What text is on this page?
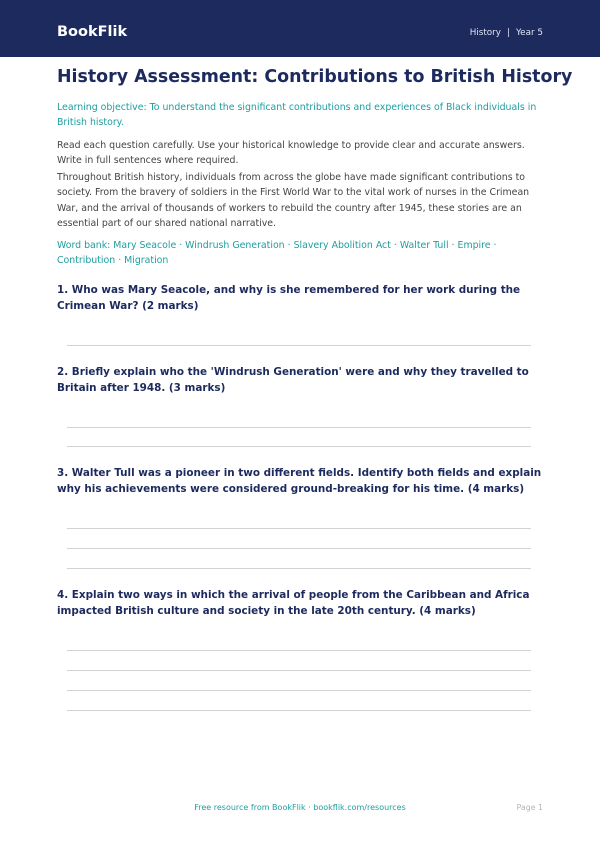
BookFlik	History | Year 5
History Assessment: Contributions to British History

Learning objective: To understand the significant contributions and experiences of Black individuals in British history.

Read each question carefully. Use your historical knowledge to provide clear and accurate answers. Write in full sentences where required.

Throughout British history, individuals from across the globe have made significant contributions to society. From the bravery of soldiers in the First World War to the vital work of nurses in the Crimean War, and the arrival of thousands of workers to rebuild the country after 1945, these stories are an essential part of our shared national narrative.

Word bank: Mary Seacole · Windrush Generation · Slavery Abolition Act · Walter Tull · Empire · Contribution · Migration

1. Who was Mary Seacole, and why is she remembered for her work during the Crimean War? (2 marks)

2. Briefly explain who the 'Windrush Generation' were and why they travelled to Britain after 1948. (3 marks)

3. Walter Tull was a pioneer in two different fields. Identify both fields and explain why his achievements were considered ground-breaking for his time. (4 marks)

4. Explain two ways in which the arrival of people from the Caribbean and Africa impacted British culture and society in the late 20th century. (4 marks)

Free resource from BookFlik · bookflik.com/resources	Page 1
